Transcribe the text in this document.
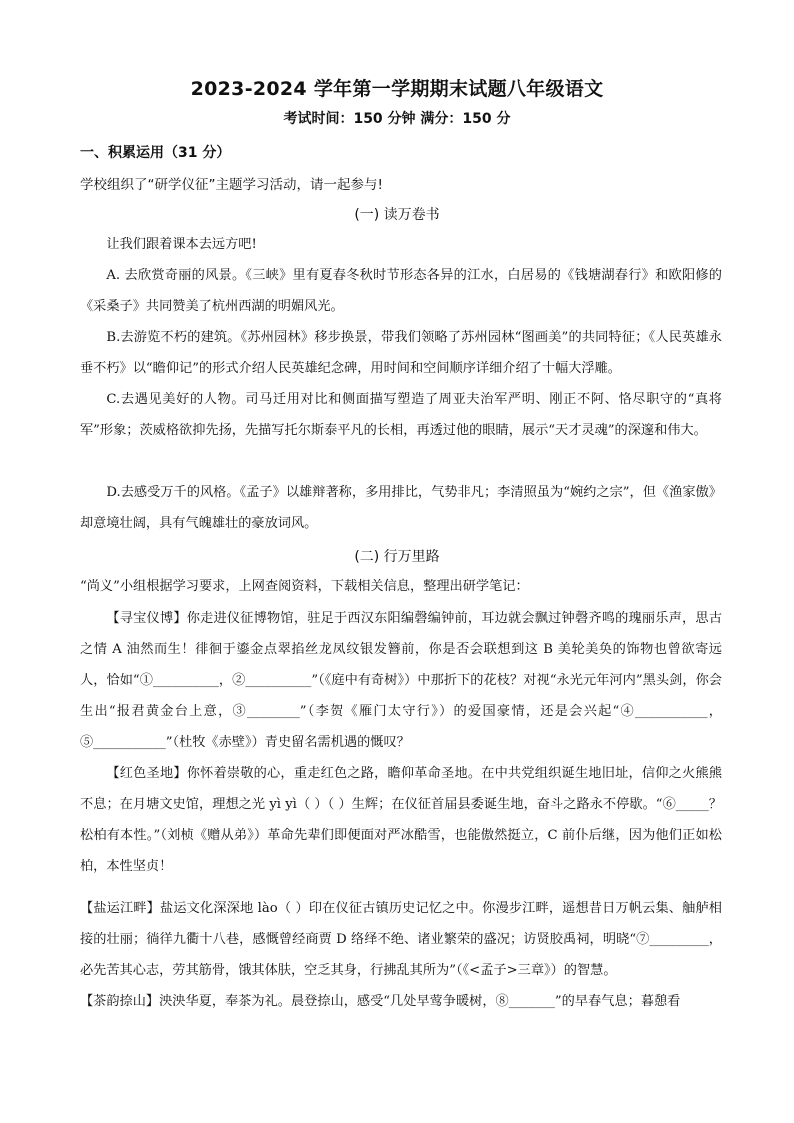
2023-2024 学年第一学期期末试题八年级语文
考试时间：150 分钟 满分：150 分
一、积累运用（31 分）
学校组织了“研学仪征”主题学习活动，请一起参与!
(一) 读万卷书
让我们跟着课本去远方吧!
A. 去欣赏奇丽的风景。《三峡》里有夏春冬秋时节形态各异的江水，白居易的《钱塘湖春行》和欧阳修的《采桑子》共同赞美了杭州西湖的明媚风光。
B.去游览不朽的建筑。《苏州园林》移步换景，带我们领略了苏州园林“图画美”的共同特征；《人民英雄永垂不朽》以“瞻仰记”的形式介绍人民英雄纪念碑，用时间和空间顺序详细介绍了十幅大浮雕。
C.去遇见美好的人物。司马迁用对比和侧面描写塑造了周亚夫治军严明、刚正不阿、恪尽职守的“真将军”形象；茨威格欲抑先扬，先描写托尔斯泰平凡的长相，再透过他的眼睛，展示“天才灵魂”的深邃和伟大。
D.去感受万千的风格。《孟子》以雄辩著称，多用排比，气势非凡；李清照虽为“婉约之宗”，但《渔家傲》却意境壮阔，具有气魄雄壮的豪放词风。
(二) 行万里路
“尚义”小组根据学习要求，上网查阅资料，下载相关信息，整理出研学笔记：
【寻宝仪博】你走进仪征博物馆，驻足于西汉东阳编磬编钟前，耳边就会飘过钟磬齐鸣的瑰丽乐声，思古之情 A 油然而生！徘徊于鎏金点翠掐丝龙凤纹银发簪前，你是否会联想到这 B 美轮美奂的饰物也曾欲寄远人，恰如“①__________，②__________”（《庭中有奇树》）中那折下的花枝？对视“永光元年河内”黑头剑，你会生出“报君黄金台上意，③________”（李贺《雁门太守行》）的爱国豪情，还是会兴起“④___________，⑤___________”（杜牧《赤壁》）青史留名需机遇的慨叹？
【红色圣地】你怀着崇敬的心，重走红色之路，瞻仰革命圣地。在中共党组织诞生地旧址，信仰之火熊熊不息；在月塘文史馆，理想之光 yì yì（ ）（ ）生辉；在仪征首届县委诞生地，奋斗之路永不停歇。“⑥_____？松柏有本性。”（刘桢《赠从弟》）革命先辈们即便面对严冰酷雪，也能傲然挺立，C 前仆后继，因为他们正如松柏，本性坚贞！
【盐运江畔】盐运文化深深地 lào（ ）印在仪征古镇历史记忆之中。你漫步江畔，遥想昔日万帆云集、舳舻相接的壮丽；徜徉九衢十八巷，感慨曾经商贾 D 络绎不绝、诸业繁荣的盛况；访贤胶禹祠，明晓“⑦_________，必先苦其心志，劳其筋骨，饿其体肤，空乏其身，行拂乱其所为”（《<孟子>三章》）的智慧。
【茶韵捺山】泱泱华夏，奉茶为礼。晨登捺山，感受“几处早莺争暖树，⑧_______”的早春气息；暮憩看
